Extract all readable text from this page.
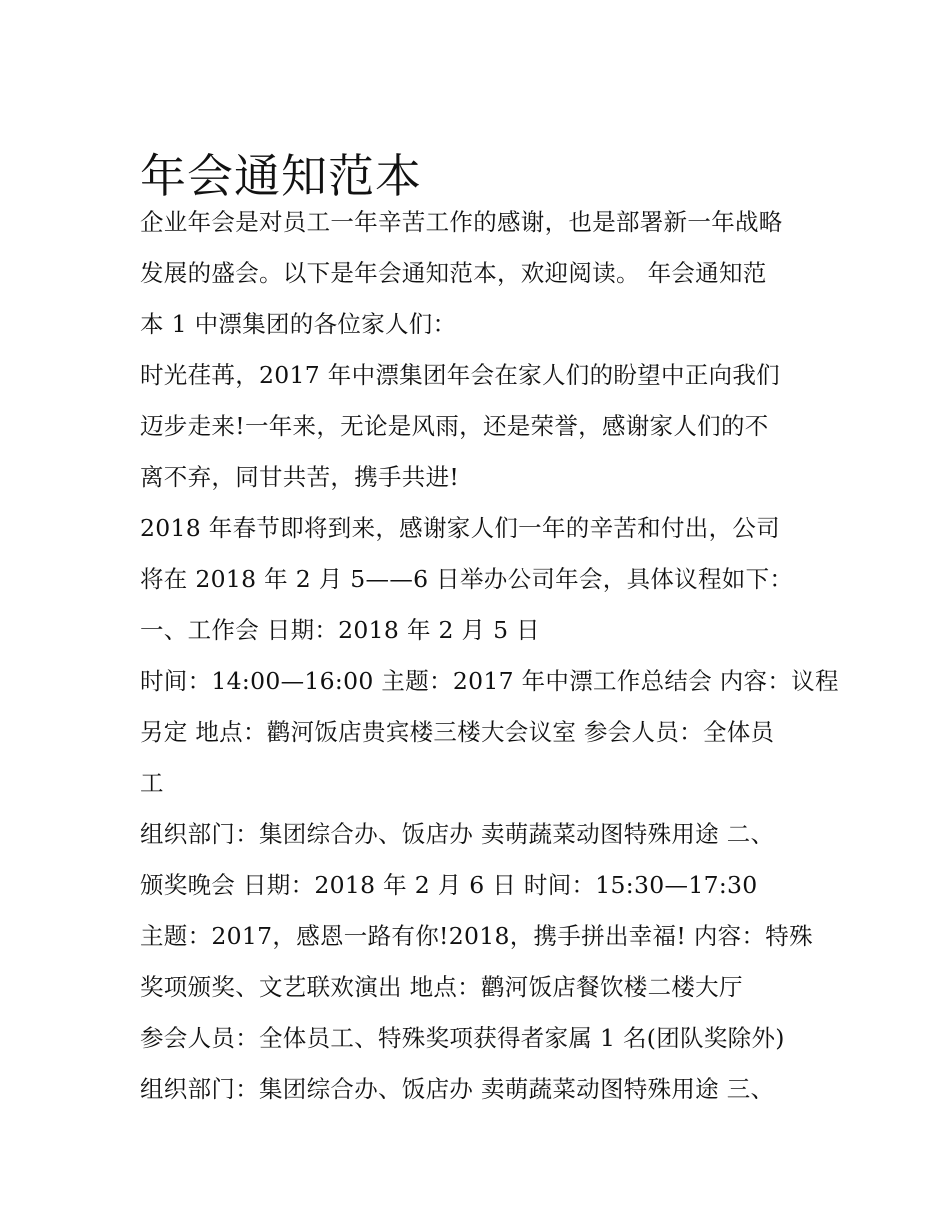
年会通知范本
企业年会是对员工一年辛苦工作的感谢，也是部署新一年战略
发展的盛会。以下是年会通知范本，欢迎阅读。 年会通知范
本 1 中漂集团的各位家人们：
时光荏苒，2017 年中漂集团年会在家人们的盼望中正向我们
迈步走来!一年来，无论是风雨，还是荣誉，感谢家人们的不
离不弃，同甘共苦，携手共进!
2018 年春节即将到来，感谢家人们一年的辛苦和付出，公司
将在 2018 年 2 月 5——6 日举办公司年会，具体议程如下：
一、工作会 日期：2018 年 2 月 5 日
时间：14:00—16:00 主题：2017 年中漂工作总结会 内容：议程
另定 地点：鹳河饭店贵宾楼三楼大会议室 参会人员：全体员
工
组织部门：集团综合办、饭店办 卖萌蔬菜动图特殊用途 二、
颁奖晚会 日期：2018 年 2 月 6 日 时间：15:30—17:30
主题：2017，感恩一路有你!2018，携手拼出幸福! 内容：特殊
奖项颁奖、文艺联欢演出 地点：鹳河饭店餐饮楼二楼大厅
参会人员：全体员工、特殊奖项获得者家属 1 名(团队奖除外)
组织部门：集团综合办、饭店办 卖萌蔬菜动图特殊用途 三、
